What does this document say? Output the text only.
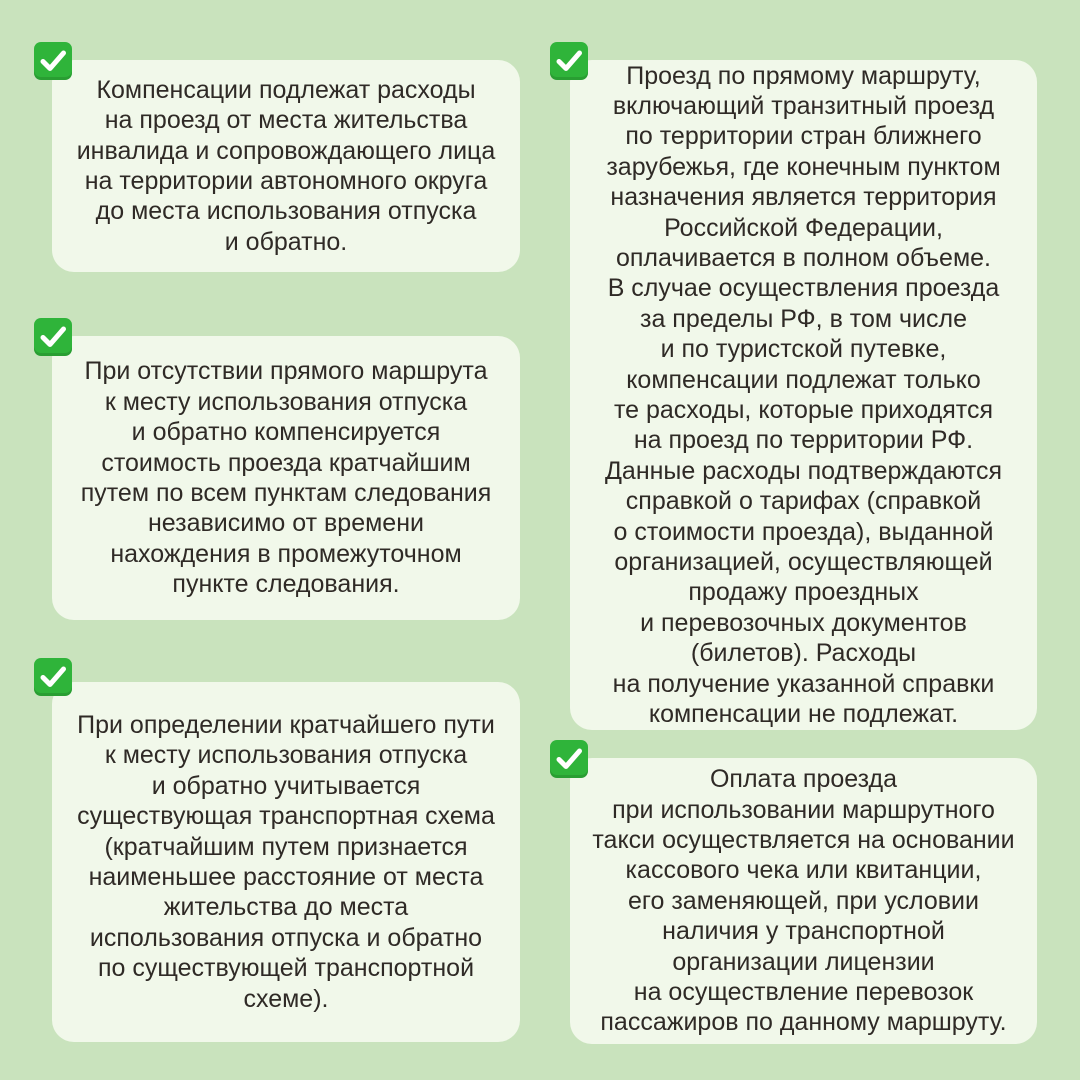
Компенсации подлежат расходы
на проезд от места жительства
инвалида и сопровождающего лица
на территории автономного округа
до места использования отпуска
и обратно.

При отсутствии прямого маршрута
к месту использования отпуска
и обратно компенсируется
стоимость проезда кратчайшим
путем по всем пунктам следования
независимо от времени
нахождения в промежуточном
пункте следования.

При определении кратчайшего пути
к месту использования отпуска
и обратно учитывается
существующая транспортная схема
(кратчайшим путем признается
наименьшее расстояние от места
жительства до места
использования отпуска и обратно
по существующей транспортной
схеме).

Проезд по прямому маршруту,
включающий транзитный проезд
по территории стран ближнего
зарубежья, где конечным пунктом
назначения является территория
Российской Федерации,
оплачивается в полном объеме.
В случае осуществления проезда
за пределы РФ, в том числе
и по туристской путевке,
компенсации подлежат только
те расходы, которые приходятся
на проезд по территории РФ.
Данные расходы подтверждаются
справкой о тарифах (справкой
о стоимости проезда), выданной
организацией, осуществляющей
продажу проездных
и перевозочных документов
(билетов). Расходы
на получение указанной справки
компенсации не подлежат.

Оплата проезда
при использовании маршрутного
такси осуществляется на основании
кассового чека или квитанции,
его заменяющей, при условии
наличия у транспортной
организации лицензии
на осуществление перевозок
пассажиров по данному маршруту.
